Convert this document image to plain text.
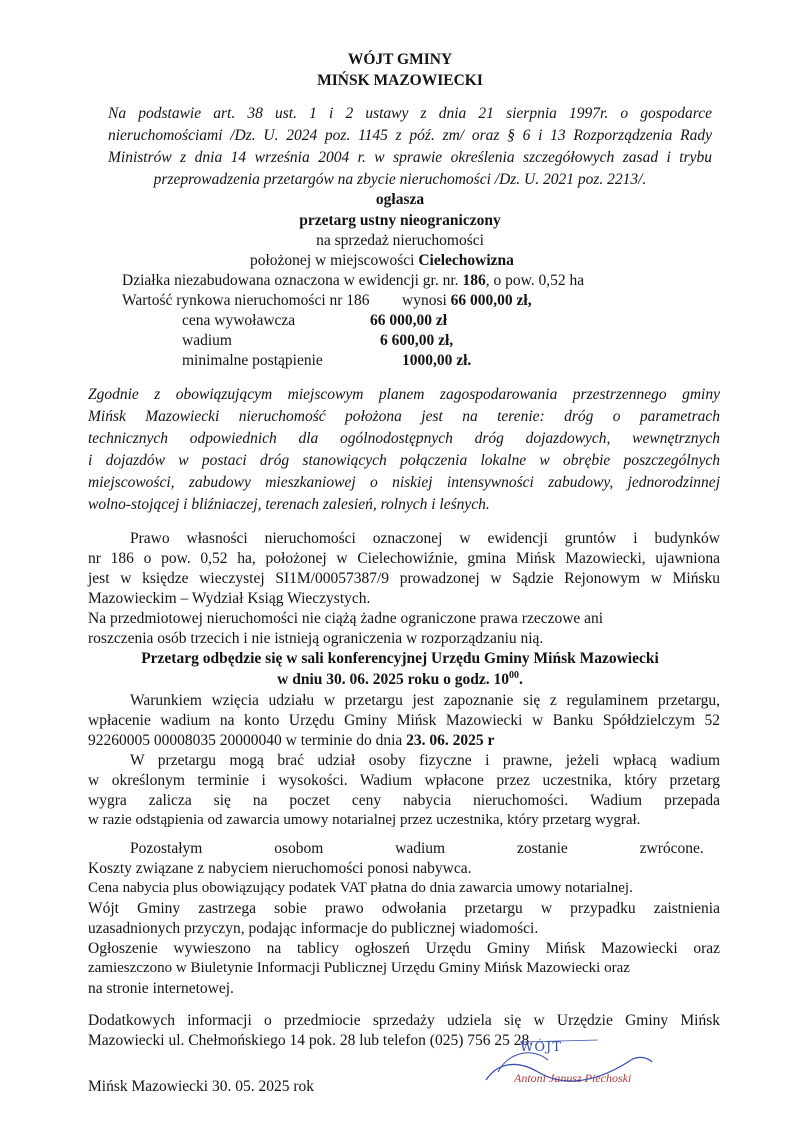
WÓJT GMINY
MIŃSK MAZOWIECKI
Na podstawie art. 38 ust. 1 i 2 ustawy z dnia 21 sierpnia 1997r. o gospodarce
nieruchomościami /Dz. U. 2024 poz. 1145 z póź. zm/ oraz § 6 i 13 Rozporządzenia Rady
Ministrów z dnia 14 września 2004 r. w sprawie określenia szczegółowych zasad i trybu
przeprowadzenia przetargów na zbycie nieruchomości /Dz. U. 2021 poz. 2213/.
ogłasza
przetarg ustny nieograniczony
na sprzedaż nieruchomości
położonej w miejscowości Cielechowizna
Działka niezabudowana oznaczona w ewidencji gr. nr. 186, o pow. 0,52 ha
Wartość rynkowa nieruchomości nr 186 wynosi 66 000,00 zł,
cena wywoławcza	66 000,00 zł
wadium	6 600,00 zł,
minimalne postąpienie	1000,00 zł.
Zgodnie z obowiązującym miejscowym planem zagospodarowania przestrzennego gminy
Mińsk Mazowiecki nieruchomość położona jest na terenie: dróg o parametrach
technicznych odpowiednich dla ogólnodostępnych dróg dojazdowych, wewnętrznych
i dojazdów w postaci dróg stanowiących połączenia lokalne w obrębie poszczególnych
miejscowości, zabudowy mieszkaniowej o niskiej intensywności zabudowy, jednorodzinnej
wolno-stojącej i bliźniaczej, terenach zalesień, rolnych i leśnych.
Prawo własności nieruchomości oznaczonej w ewidencji gruntów i budynków
nr 186 o pow. 0,52 ha, położonej w Cielechowiźnie, gmina Mińsk Mazowiecki, ujawniona
jest w księdze wieczystej SI1M/00057387/9 prowadzonej w Sądzie Rejonowym w Mińsku
Mazowieckim – Wydział Ksiąg Wieczystych.
Na przedmiotowej nieruchomości nie ciążą żadne ograniczone prawa rzeczowe ani
roszczenia osób trzecich i nie istnieją ograniczenia w rozporządzaniu nią.
Przetarg odbędzie się w sali konferencyjnej Urzędu Gminy Mińsk Mazowiecki
w dniu 30. 06. 2025 roku o godz. $10^{00}$.
Warunkiem wzięcia udziału w przetargu jest zapoznanie się z regulaminem przetargu,
wpłacenie wadium na konto Urzędu Gminy Mińsk Mazowiecki w Banku Spółdzielczym 52
92260005 00008035 20000040 w terminie do dnia 23. 06. 2025 r
W przetargu mogą brać udział osoby fizyczne i prawne, jeżeli wpłacą wadium
w określonym terminie i wysokości. Wadium wpłacone przez uczestnika, który przetarg
wygra zalicza się na poczet ceny nabycia nieruchomości. Wadium przepada
w razie odstąpienia od zawarcia umowy notarialnej przez uczestnika, który przetarg wygrał.
Pozostałym osobom wadium zostanie zwrócone.
Koszty związane z nabyciem nieruchomości ponosi nabywca.
Cena nabycia plus obowiązujący podatek VAT płatna do dnia zawarcia umowy notarialnej.
Wójt Gminy zastrzega sobie prawo odwołania przetargu w przypadku zaistnienia
uzasadnionych przyczyn, podając informacje do publicznej wiadomości.
Ogłoszenie wywieszono na tablicy ogłoszeń Urzędu Gminy Mińsk Mazowiecki oraz
zamieszczono w Biuletynie Informacji Publicznej Urzędu Gminy Mińsk Mazowiecki oraz
na stronie internetowej.
Dodatkowych informacji o przedmiocie sprzedaży udziela się w Urzędzie Gminy Mińsk
Mazowiecki ul. Chełmońskiego 14 pok. 28 lub telefon (025) 756 25 28.
Mińsk Mazowiecki 30. 05. 2025 rok
WÓJT
Antoni Janusz Piechoski
